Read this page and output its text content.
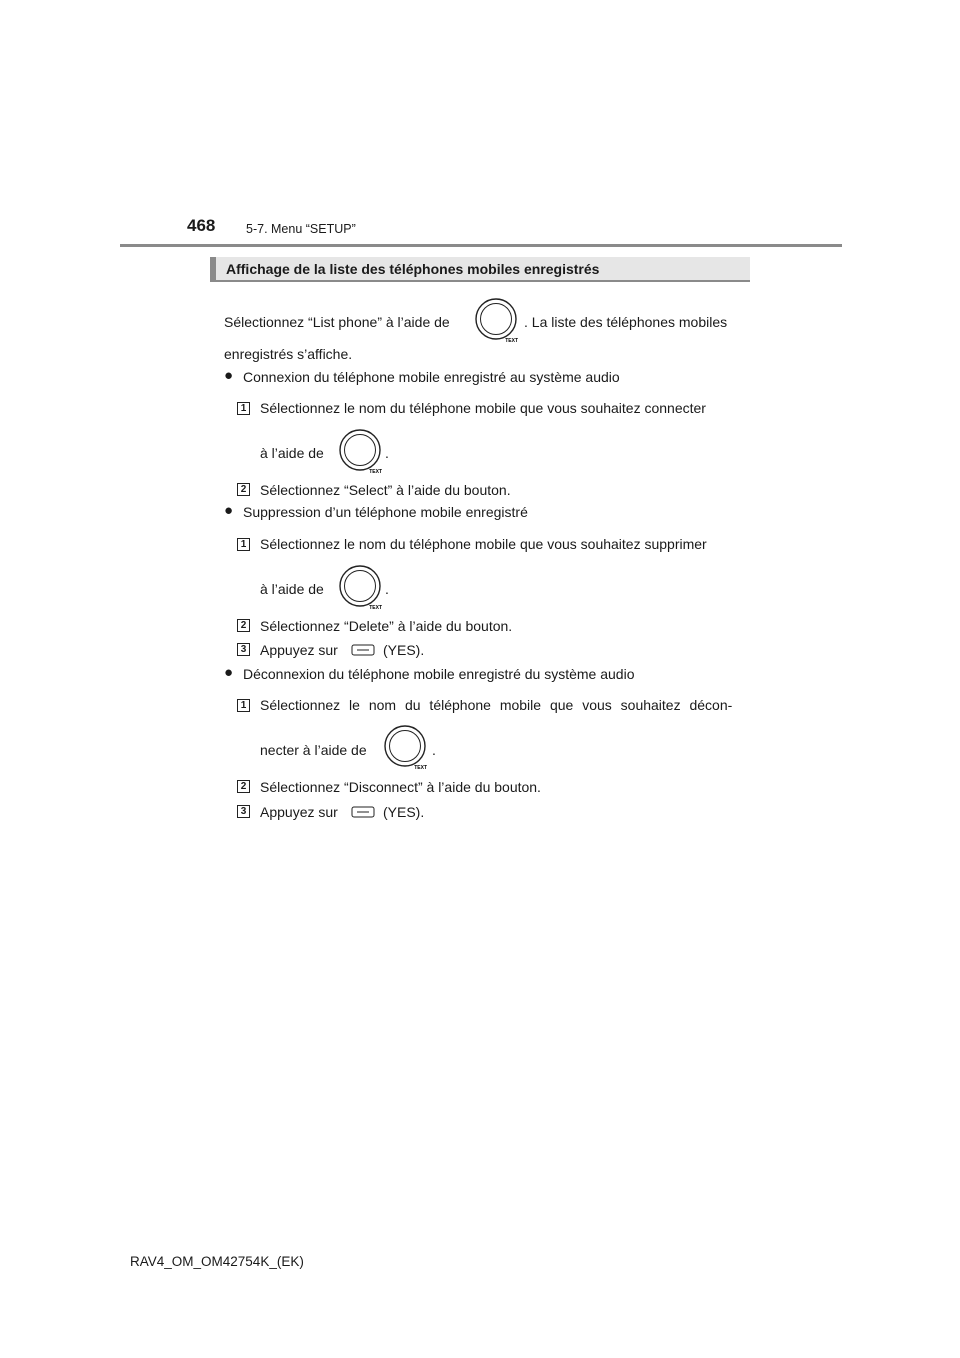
468 5-7. Menu “SETUP”
Affichage de la liste des téléphones mobiles enregistrés
Sélectionnez “List phone” à l’aide de
TEXT
. La liste des téléphones mobiles
enregistrés s’affiche.
● Connexion du téléphone mobile enregistré au système audio
1 Sélectionnez le nom du téléphone mobile que vous souhaitez connecter
à l’aide de
TEXT
.
2 Sélectionnez “Select” à l’aide du bouton.
● Suppression d’un téléphone mobile enregistré
1 Sélectionnez le nom du téléphone mobile que vous souhaitez supprimer
à l’aide de
TEXT
.
2 Sélectionnez “Delete” à l’aide du bouton.
3 Appuyez sur	(YES).
● Déconnexion du téléphone mobile enregistré du système audio
1 Sélectionnez le nom du téléphone mobile que vous souhaitez décon-
necter à l’aide de
TEXT
.
2 Sélectionnez “Disconnect” à l’aide du bouton.
3 Appuyez sur	(YES).
RAV4_OM_OM42754K_(EK)
